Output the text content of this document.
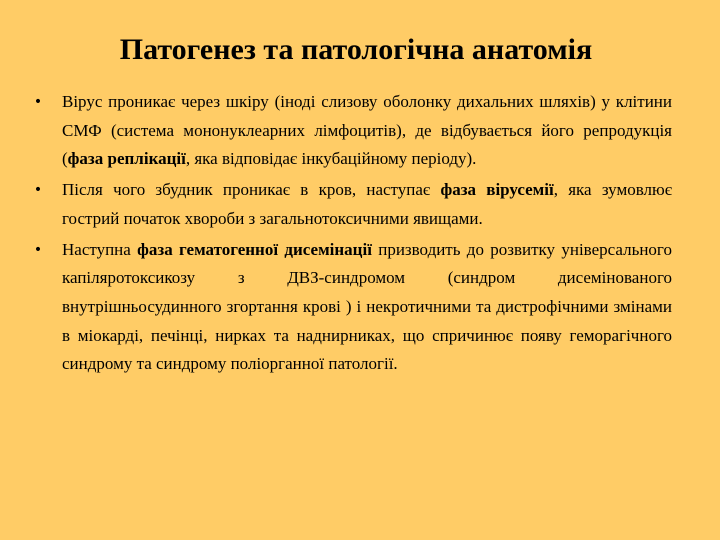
Патогенез та патологічна анатомія
• Вірус проникає через шкіру (іноді слизову оболонку дихальних шляхів) у клітини СМФ (система мононуклеарних лімфоцитів), де відбувається його репродукція (фаза реплікації, яка відповідає інкубаційному періоду).
• Після чого збудник проникає в кров, наступає фаза вірусемії, яка зумовлює гострий початок хвороби з загальнотоксичними явищами.
• Наступна фаза гематогенної дисемінації призводить до розвитку універсального капіляротоксикозу з ДВЗ-синдромом (синдром дисемінованого внутрішньосудинного згортання крові ) і некротичними та дистрофічними змінами в міокарді, печінці, нирках та наднирниках, що спричинює появу геморагічного синдрому та синдрому поліорганної патології.
